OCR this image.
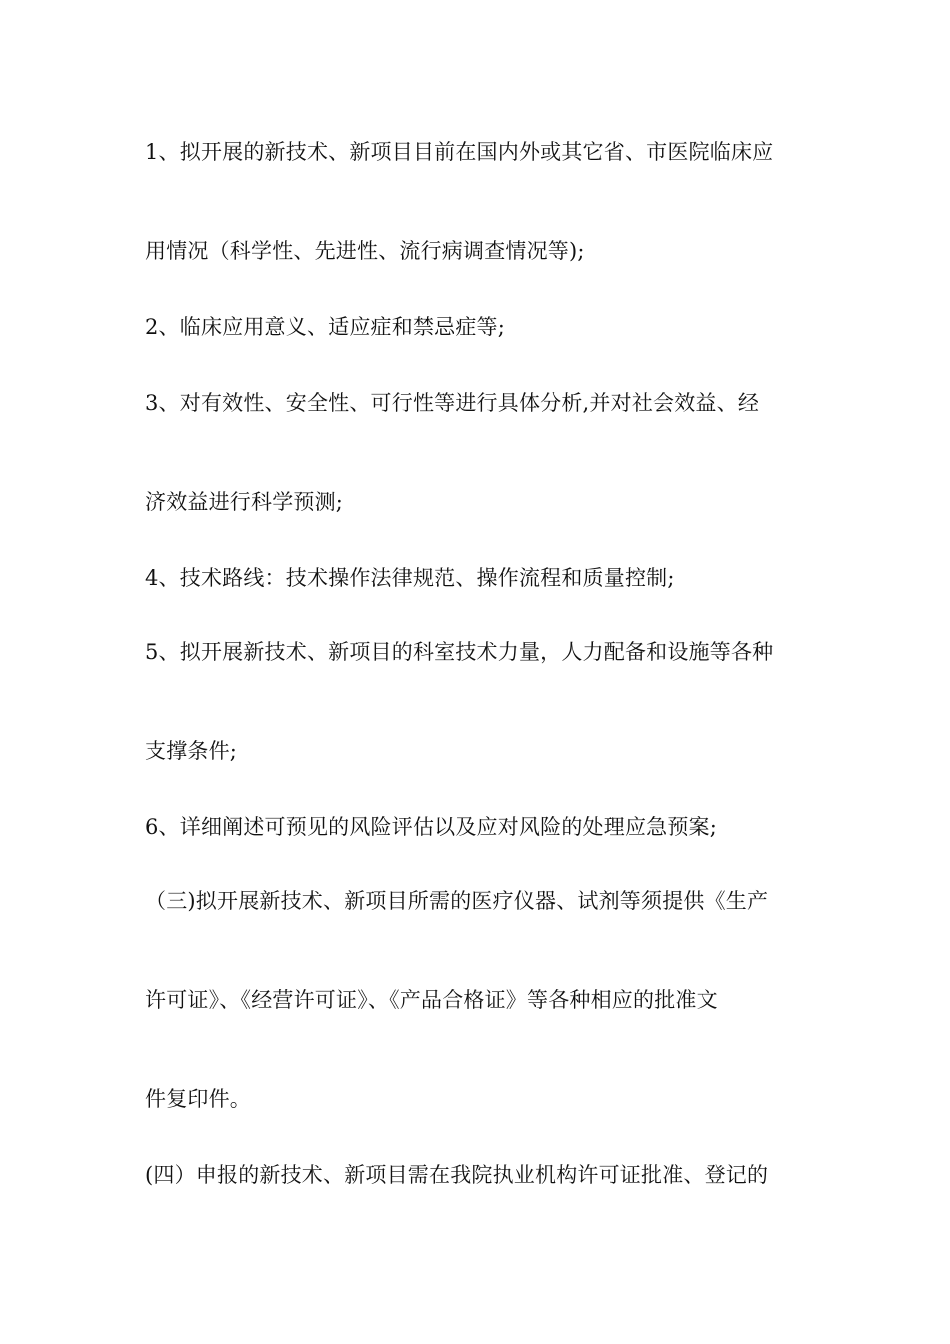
1、拟开展的新技术、新项目目前在国内外或其它省、市医院临床应
用情况（科学性、先进性、流行病调查情况等);
2、临床应用意义、适应症和禁忌症等;
3、对有效性、安全性、可行性等进行具体分析,并对社会效益、经
济效益进行科学预测;
4、技术路线：技术操作法律规范、操作流程和质量控制;
5、拟开展新技术、新项目的科室技术力量，人力配备和设施等各种
支撑条件;
6、详细阐述可预见的风险评估以及应对风险的处理应急预案;
（三)拟开展新技术、新项目所需的医疗仪器、试剂等须提供《生产
许可证》、《经营许可证》、《产品合格证》等各种相应的批准文
件复印件。
(四）申报的新技术、新项目需在我院执业机构许可证批准、登记的
